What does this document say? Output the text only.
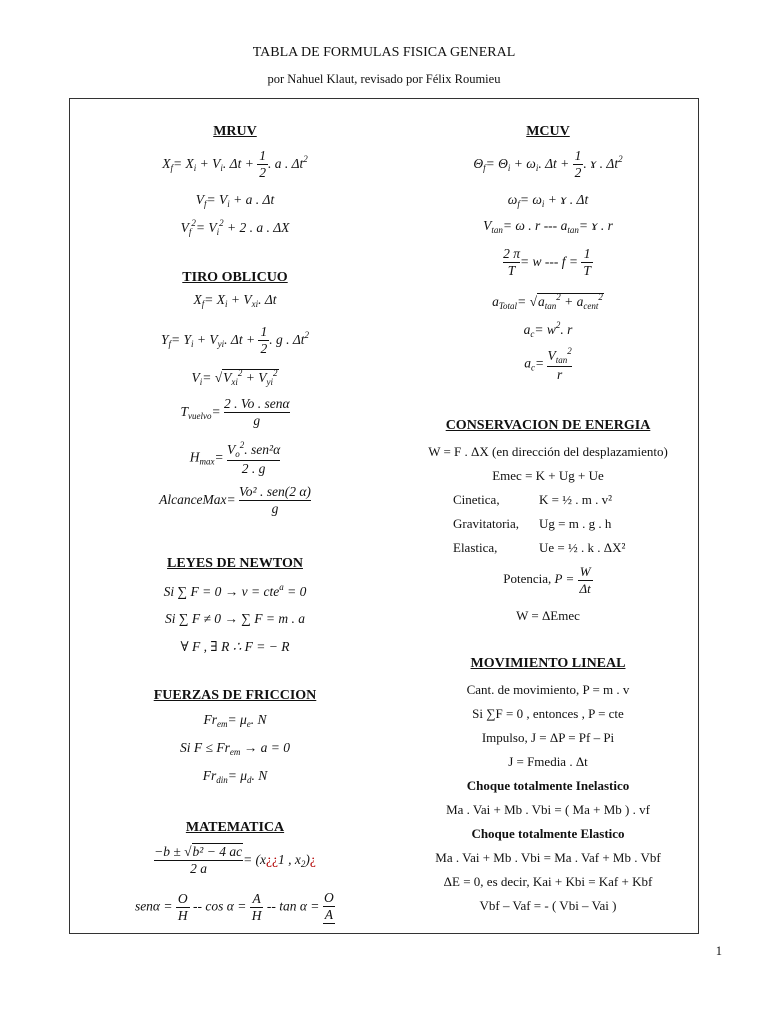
TABLA DE FORMULAS FISICA GENERAL
por Nahuel Klaut, revisado por Félix Roumieu
MRUV
$X_f= X_i + V_i$. $\Delta t + \frac{1}{2}$ . a . $\Delta t^2$
$V_f= V_i + a$ . Δt
$V_f^2= V_i^2 + 2$ . a . ΔX
TIRO OBLICUO
$X_f= X_i + V_{xi}$. Δt
$Y_f= Y_i + V_{yi}$. $\Delta t + \frac{1}{2}$ . g . $\Delta t^2$
$V_i= √V_{xi}^2 + V_{yi}^2$
$T_{vuelvo}= \frac{\text{2 . Vo . senα}}{g}$
$H_{max}= \frac{V_o^2. sen^2\alpha}{2 . g}$
AlcanceMax= $\frac{\text{Vo² . sen(2 α)}}{g}$
LEYES DE NEWTON
Si ∑ F = 0 → v = cte$^a$ = 0
Si ∑ F ≠ 0 → ∑ F = m . a
∀ F , ∃ R ∴ F = − R
FUERZAS DE FRICCION
$Fr_{em}= \mu_e$. N
Si $F \le Fr_{em} \to a = 0$
$Fr_{din}= \mu_d$. N
MATEMATICA
$\frac{\text{−b ± √b² − 4 ac}}{2 a}$ = (x¿¿1 , $x_2)¿$
$sen\alpha = \frac{O}{H} -- \cos \alpha = \frac{A}{H} -- \tan \alpha = \frac{O}{A}$
MCUV
$\Theta_f= \Theta_i + \omega_i$. $\Delta t + \frac{1}{2}$ . ɤ . $\Delta t^2$
$\omega_f= \omega_i$ + ɤ . Δt
$V_{tan}= \omega$ . r --- $a_{tan}=$ ɤ . r
$\frac{2 \pi}{T} = w$ --- $f = \frac{1}{T}$
$a_{Total}= √a_{tan}^2 + a_{cent}^2$
$a_c= w^2$. r
$a_c= \frac{V_{tan}^2}{r}$
CONSERVACION DE ENERGIA
W = F . ΔX (en dirección del desplazamiento)
Emec = K + Ug + Ue
Cinetica,	K = ½ . m . v²
Gravitatoria, Ug = m . g . h
Elastica,	Ue = ½ . k . ΔX²
Potencia, $P = \frac{W}{\Delta t}$
W = ΔEmec
MOVIMIENTO LINEAL
Cant. de movimiento, P = m . v
Si ∑F = 0 , entonces , P = cte
Impulso, J = ΔP = Pf – Pi
J = Fmedia . Δt
Choque totalmente Inelastico
Ma . Vai + Mb . Vbi = ( Ma + Mb ) . vf
Choque totalmente Elastico
Ma . Vai + Mb . Vbi = Ma . Vaf + Mb . Vbf
ΔE = 0, es decir, Kai + Kbi = Kaf + Kbf
Vbf – Vaf = - ( Vbi – Vai )
1
